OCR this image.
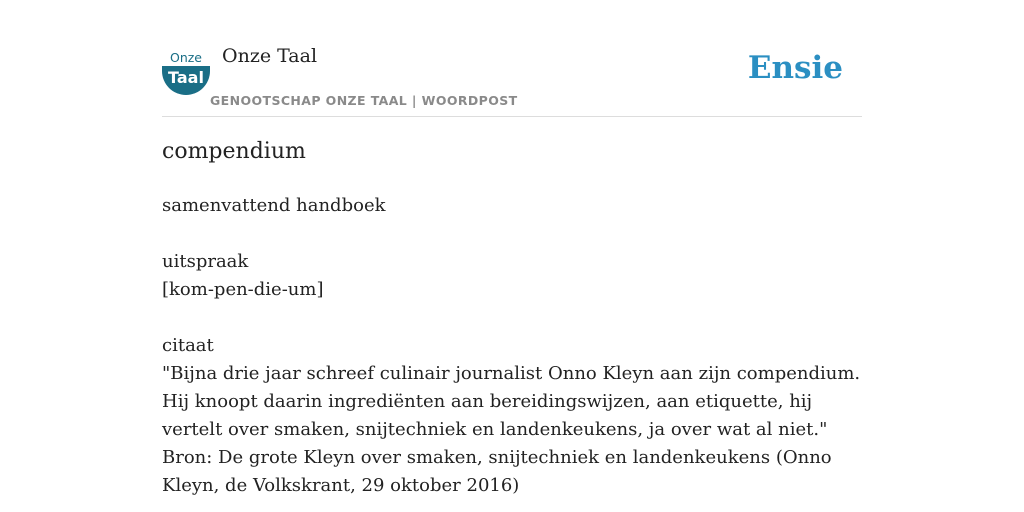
Onze
Taal
Onze Taal
GENOOTSCHAP ONZE TAAL | WOORDPOST
Ensie
compendium

samenvattend handboek

uitspraak

[kom-pen-die-um]

citaat

"Bijna drie jaar schreef culinair journalist Onno Kleyn aan zijn compendium. Hij knoopt daarin ingrediënten aan bereidingswijzen, aan etiquette, hij vertelt over smaken, snijtechniek en landenkeukens, ja over wat al niet."

Bron: De grote Kleyn over smaken, snijtechniek en landenkeukens (Onno Kleyn, de Volkskrant, 29 oktober 2016)
